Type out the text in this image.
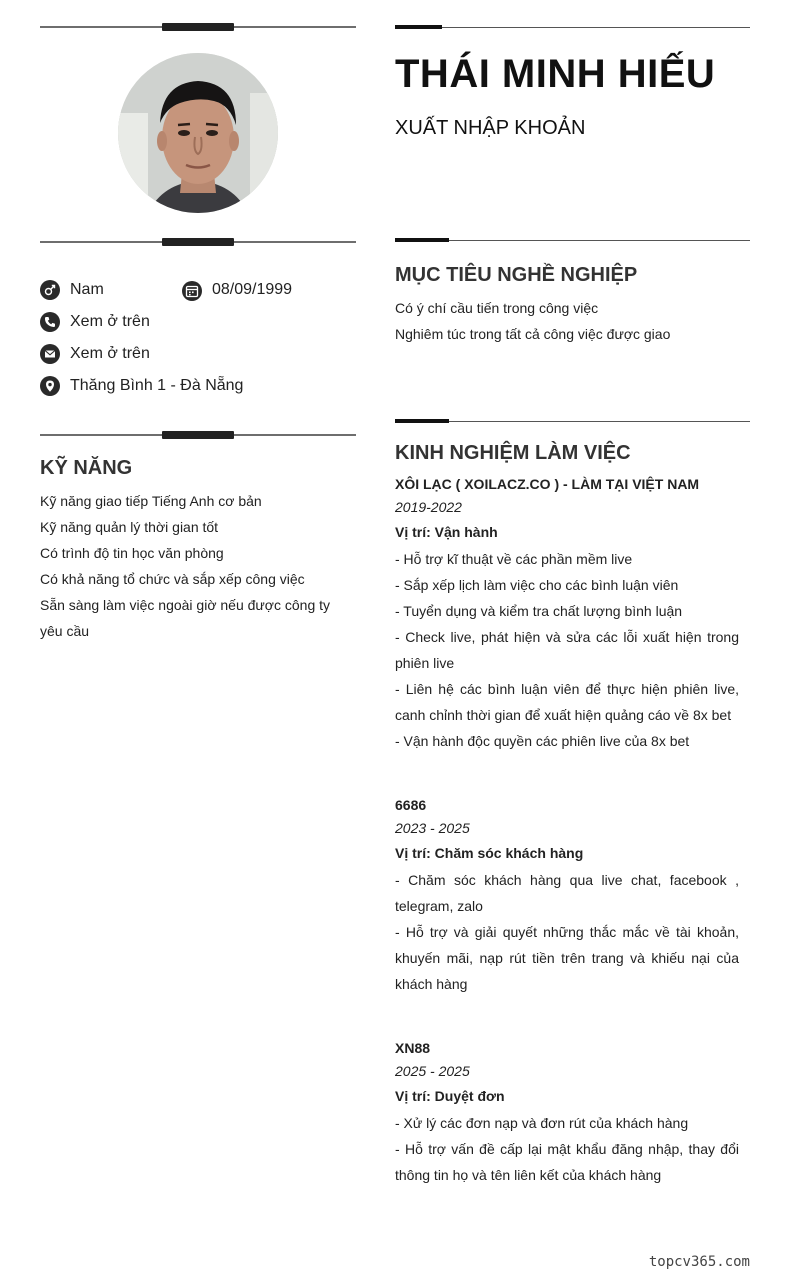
THÁI MINH HIẾU
XUẤT NHẬP KHOẢN
Nam	08/09/1999
Xem ở trên
Xem ở trên
Thăng Bình 1 - Đà Nẵng
KỸ NĂNG
Kỹ năng giao tiếp Tiếng Anh cơ bản
Kỹ năng quản lý thời gian tốt
Có trình độ tin học văn phòng
Có khả năng tổ chức và sắp xếp công việc
Sẵn sàng làm việc ngoài giờ nếu được công ty yêu cầu
MỤC TIÊU NGHỀ NGHIỆP
Có ý chí cầu tiến trong công việc
Nghiêm túc trong tất cả công việc được giao
KINH NGHIỆM LÀM VIỆC
XÔI LẠC ( XOILACZ.CO ) - LÀM TẠI VIỆT NAM
2019-2022
Vị trí: Vận hành
- Hỗ trợ kĩ thuật về các phần mềm live
- Sắp xếp lịch làm việc cho các bình luận viên
- Tuyển dụng và kiểm tra chất lượng bình luận
- Check live, phát hiện và sửa các lỗi xuất hiện trong phiên live
- Liên hệ các bình luận viên để thực hiện phiên live, canh chỉnh thời gian để xuất hiện quảng cáo về 8x bet
- Vận hành độc quyền các phiên live của 8x bet
6686
2023 - 2025
Vị trí: Chăm sóc khách hàng
- Chăm sóc khách hàng qua live chat, facebook , telegram, zalo
- Hỗ trợ và giải quyết những thắc mắc về tài khoản, khuyến mãi, nạp rút tiền trên trang và khiếu nại của khách hàng
XN88
2025 - 2025
Vị trí: Duyệt đơn
- Xử lý các đơn nạp và đơn rút của khách hàng
- Hỗ trợ vấn đề cấp lại mật khẩu đăng nhập, thay đổi thông tin họ và tên liên kết của khách hàng
topcv365.com
